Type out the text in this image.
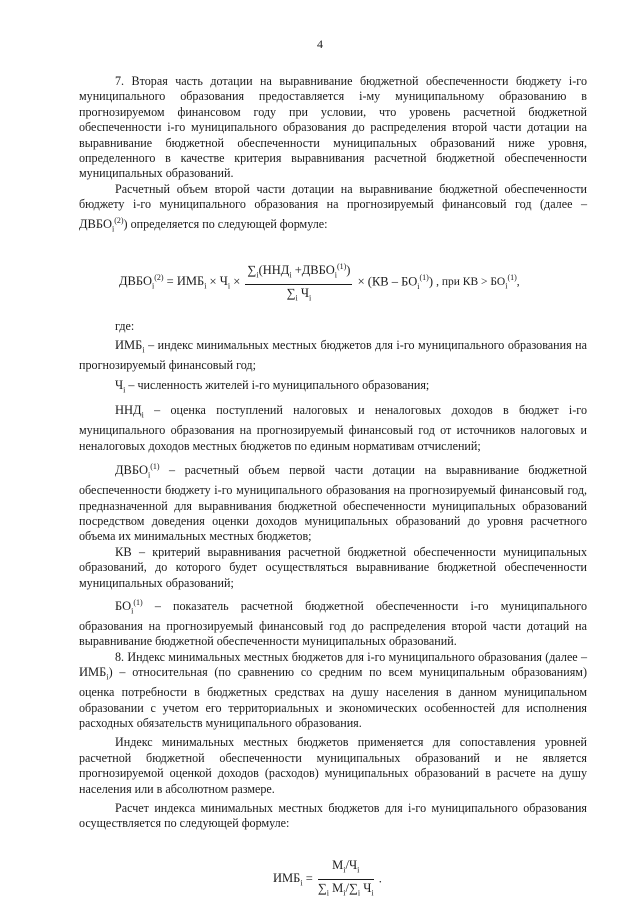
4

7. Вторая часть дотации на выравнивание бюджетной обеспеченности бюджету i-го муниципального образования предоставляется i-му муниципальному образованию в прогнозируемом финансовом году при условии, что уровень расчетной бюджетной обеспеченности i-го муниципального образования до распределения второй части дотации на выравнивание бюджетной обеспеченности муниципальных образований ниже уровня, определенного в качестве критерия выравнивания расчетной бюджетной обеспеченности муниципальных образований.

Расчетный объем второй части дотации на выравнивание бюджетной обеспеченности бюджету i-го муниципального образования на прогнозируемый финансовый год (далее – $ДВБО_i^{(2)}$) определяется по следующей формуле:

$ДВБО_i^{(2)} = ИМБ_i \times Ч_i \times \frac{\sum_i(ННД_i +ДВБО_i^{(1)})}{\sum_i Ч_i} \times (КВ - БО_i^{(1)})$ , при КВ > $БО_i^{(1)}$,

где:

$ИМБ_i$ – индекс минимальных местных бюджетов для i-го муниципального образования на прогнозируемый финансовый год;

$Ч_i$ – численность жителей i-го муниципального образования;

$ННД_i$ – оценка поступлений налоговых и неналоговых доходов в бюджет i-го муниципального образования на прогнозируемый финансовый год от источников налоговых и неналоговых доходов местных бюджетов по единым нормативам отчислений;

$ДВБО_i^{(1)}$ – расчетный объем первой части дотации на выравнивание бюджетной обеспеченности бюджету i-го муниципального образования на прогнозируемый финансовый год, предназначенной для выравнивания бюджетной обеспеченности муниципальных образований посредством доведения оценки доходов муниципальных образований до уровня расчетного объема их минимальных местных бюджетов;

КВ – критерий выравнивания расчетной бюджетной обеспеченности муниципальных образований, до которого будет осуществляться выравнивание бюджетной обеспеченности муниципальных образований;

$БО_i^{(1)}$ – показатель расчетной бюджетной обеспеченности i-го муниципального образования на прогнозируемый финансовый год до распределения второй части дотаций на выравнивание бюджетной обеспеченности муниципальных образований.

8. Индекс минимальных местных бюджетов для i-го муниципального образования (далее – $ИМБ_i$) – относительная (по сравнению со средним по всем муниципальным образованиям) оценка потребности в бюджетных средствах на душу населения в данном муниципальном образовании с учетом его территориальных и экономических особенностей для исполнения расходных обязательств муниципального образования.

Индекс минимальных местных бюджетов применяется для сопоставления уровней расчетной бюджетной обеспеченности муниципальных образований и не является прогнозируемой оценкой доходов (расходов) муниципальных образований в расчете на душу населения или в абсолютном размере.

Расчет индекса минимальных местных бюджетов для i-го муниципального образования осуществляется по следующей формуле:

$ИМБ_i = \frac{М_i/Ч_i}{\sum_i М_i/\sum_i Ч_i}$ .
